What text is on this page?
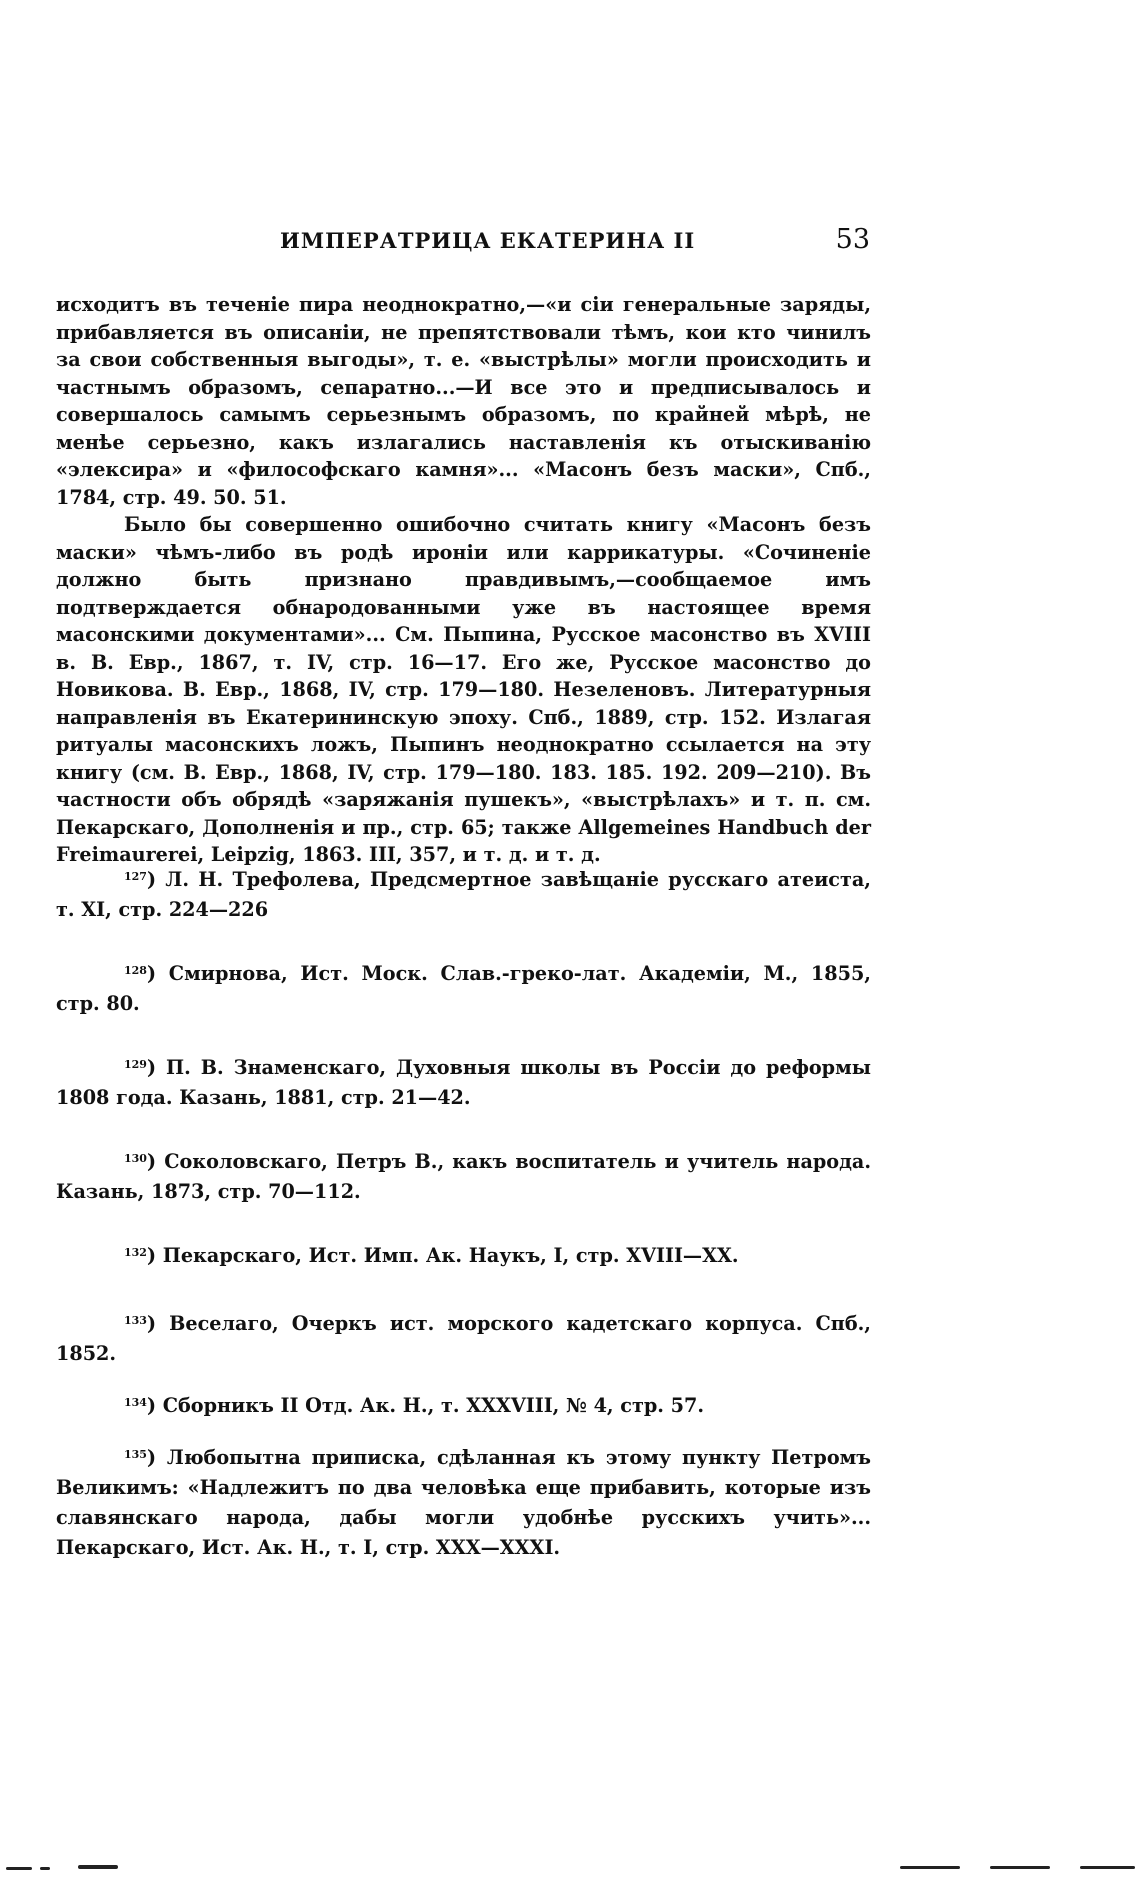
ИМПЕРАТРИЦА ЕКАТЕРИНА II	53

исходитъ въ теченіе пира неоднократно,—«и сіи генеральные заряды, прибавляется въ описаніи, не препятствовали тѣмъ, кои кто чинилъ за свои собственныя выгоды», т. е. «выстрѣлы» могли происходить и частнымъ образомъ, сепаратно...—И все это и предписывалось и совершалось самымъ серьезнымъ образомъ, по крайней мѣрѣ, не менѣе серьезно, какъ излагались наставленія къ отыскиванію «элексира» и «философскаго камня»... «Масонъ безъ маски», Спб., 1784, стр. 49. 50. 51.

Было бы совершенно ошибочно считать книгу «Масонъ безъ маски» чѣмъ-либо въ родѣ ироніи или каррикатуры. «Сочиненіе должно быть признано правдивымъ,—сообщаемое имъ подтверждается обнародованными уже въ настоящее время масонскими документами»... См. Пыпина, Русское масонство въ XVIII в. В. Евр., 1867, т. IV, стр. 16—17. Его же, Русское масонство до Новикова. В. Евр., 1868, IV, стр. 179—180. Незеленовъ. Литературныя направленія въ Екатерининскую эпоху. Спб., 1889, стр. 152. Излагая ритуалы масонскихъ ложъ, Пыпинъ неоднократно ссылается на эту книгу (см. В. Евр., 1868, IV, стр. 179—180. 183. 185. 192. 209—210). Въ частности объ обрядѣ «заряжанія пушекъ», «выстрѣлахъ» и т. п. см. Пекарскаго, Дополненія и пр., стр. 65; также Allgemeines Handbuch der Freimaurerei, Leipzig, 1863. III, 357, и т. д. и т. д.

$^{127}$) Л. Н. Трефолева, Предсмертное завѣщаніе русскаго атеиста, т. XI, стр. 224—226

$^{128}$) Смирнова, Ист. Моск. Слав.-греко-лат. Академіи, М., 1855, стр. 80.

$^{129}$) П. В. Знаменскаго, Духовныя школы въ Россіи до реформы 1808 года. Казань, 1881, стр. 21—42.

$^{130}$) Соколовскаго, Петръ В., какъ воспитатель и учитель народа. Казань, 1873, стр. 70—112.

$^{132}$) Пекарскаго, Ист. Имп. Ак. Наукъ, I, стр. XVIII—XX.

$^{133}$) Веселаго, Очеркъ ист. морского кадетскаго корпуса. Спб., 1852.

$^{134}$) Сборникъ II Отд. Ак. Н., т. XXXVIII, № 4, стр. 57.

$^{135}$) Любопытна приписка, сдѣланная къ этому пункту Петромъ Великимъ: «Надлежитъ по два человѣка еще прибавить, которые изъ славянскаго народа, дабы могли удобнѣе русскихъ учить»... Пекарскаго, Ист. Ак. Н., т. I, стр. XXX—XXXI.
